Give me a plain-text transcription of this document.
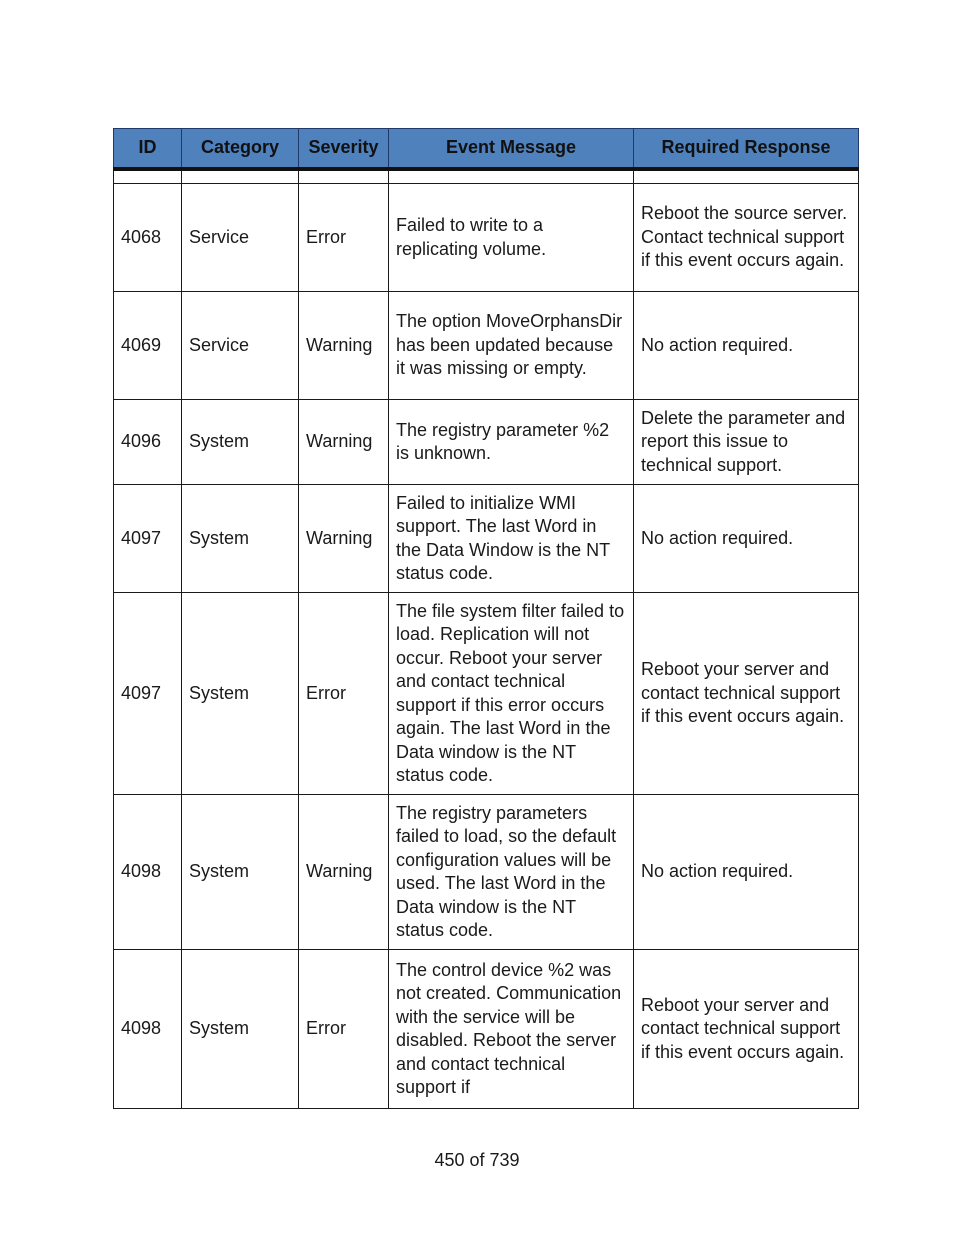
ID	Category	Severity	Event Message	Required Response

4068	Service	Error	Failed to write to a replicating volume.	Reboot the source server. Contact technical support if this event occurs again.
4069	Service	Warning	The option MoveOrphansDir has been updated because it was missing or empty.	No action required.
4096	System	Warning	The registry parameter %2 is unknown.	Delete the parameter and report this issue to technical support.
4097	System	Warning	Failed to initialize WMI support. The last Word in the Data Window is the NT status code.	No action required.
4097	System	Error	The file system filter failed to load. Replication will not occur. Reboot your server and contact technical support if this error occurs again. The last Word in the Data window is the NT status code.	Reboot your server and contact technical support if this event occurs again.
4098	System	Warning	The registry parameters failed to load, so the default configuration values will be used. The last Word in the Data window is the NT status code.	No action required.
4098	System	Error	The control device %2 was not created. Communication with the service will be disabled. Reboot the server and contact technical support if	Reboot your server and contact technical support if this event occurs again.
450 of 739
